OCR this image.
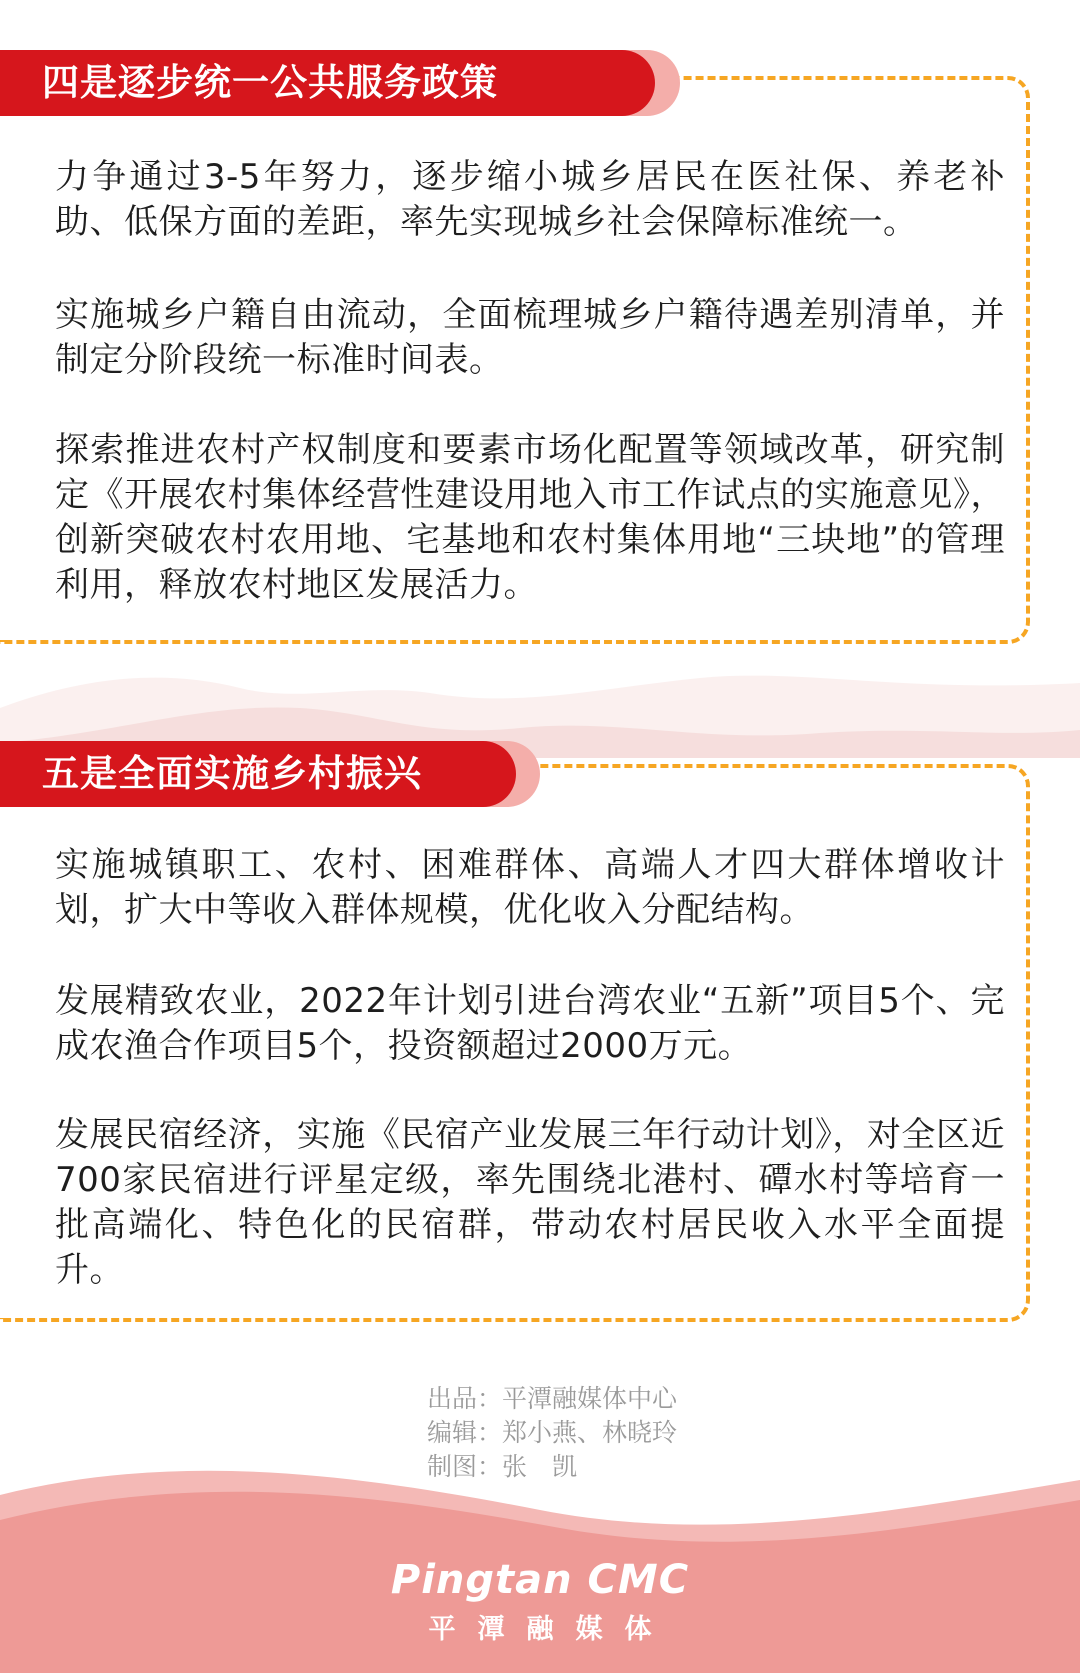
四是逐步统一公共服务政策

力争通过3-5年努力，逐步缩小城乡居民在医社保、养老补助、低保方面的差距，率先实现城乡社会保障标准统一。

实施城乡户籍自由流动，全面梳理城乡户籍待遇差别清单，并制定分阶段统一标准时间表。

探索推进农村产权制度和要素市场化配置等领域改革，研究制定《开展农村集体经营性建设用地入市工作试点的实施意见》，创新突破农村农用地、宅基地和农村集体用地“三块地”的管理利用，释放农村地区发展活力。

五是全面实施乡村振兴

实施城镇职工、农村、困难群体、高端人才四大群体增收计划，扩大中等收入群体规模，优化收入分配结构。

发展精致农业，2022年计划引进台湾农业“五新”项目5个、完成农渔合作项目5个，投资额超过2000万元。

发展民宿经济，实施《民宿产业发展三年行动计划》，对全区近700家民宿进行评星定级，率先围绕北港村、磹水村等培育一批高端化、特色化的民宿群，带动农村居民收入水平全面提升。

出品：平潭融媒体中心
编辑：郑小燕、林晓玲
制图：张　凯
Pingtan CMC
平潭融媒体
